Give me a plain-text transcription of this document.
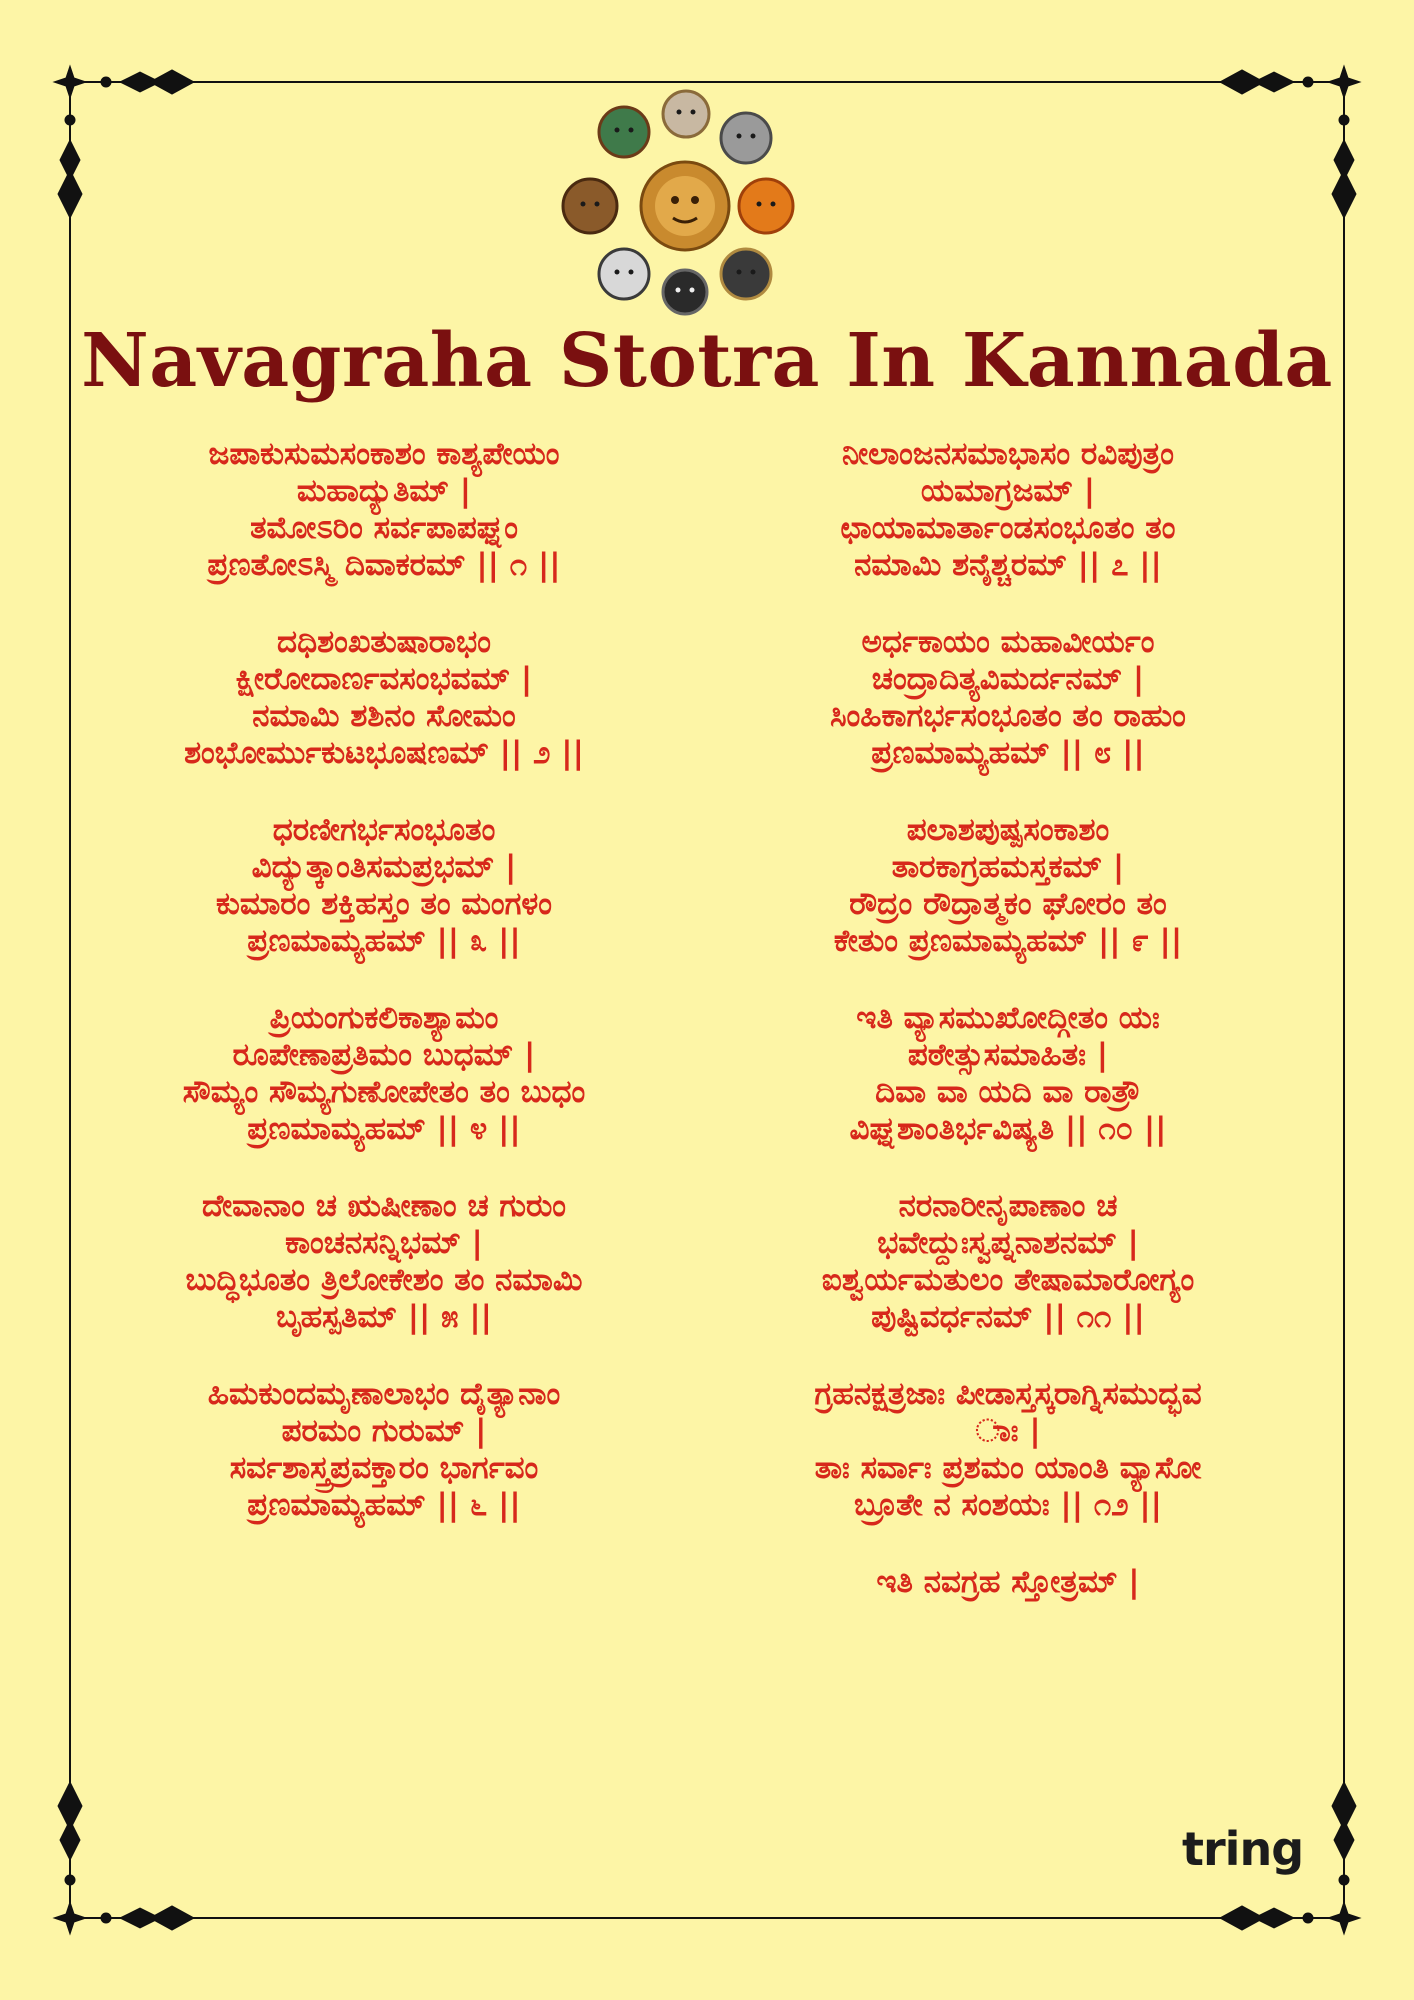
Navagraha Stotra In Kannada
ಜಪಾಕುಸುಮಸಂಕಾಶಂ ಕಾಶ್ಯಪೇಯಂ
ಮಹಾದ್ಯುತಿಮ್ |
ತಮೋಽರಿಂ ಸರ್ವಪಾಪಘ್ನಂ
ಪ್ರಣತೋಽಸ್ಮಿ ದಿವಾಕರಮ್ || ೧ ||
ದಧಿಶಂಖತುಷಾರಾಭಂ
ಕ್ಷೀರೋದಾರ್ಣವಸಂಭವಮ್ |
ನಮಾಮಿ ಶಶಿನಂ ಸೋಮಂ
ಶಂಭೋರ್ಮುಕುಟಭೂಷಣಮ್ || ೨ ||
ಧರಣೀಗರ್ಭಸಂಭೂತಂ
ವಿದ್ಯುತ್ಕಾಂತಿಸಮಪ್ರಭಮ್ |
ಕುಮಾರಂ ಶಕ್ತಿಹಸ್ತಂ ತಂ ಮಂಗಳಂ
ಪ್ರಣಮಾಮ್ಯಹಮ್ || ೩ ||
ಪ್ರಿಯಂಗುಕಲಿಕಾಶ್ಯಾಮಂ
ರೂಪೇಣಾಪ್ರತಿಮಂ ಬುಧಮ್ |
ಸೌಮ್ಯಂ ಸೌಮ್ಯಗುಣೋಪೇತಂ ತಂ ಬುಧಂ
ಪ್ರಣಮಾಮ್ಯಹಮ್ || ೪ ||
ದೇವಾನಾಂ ಚ ಋಷೀಣಾಂ ಚ ಗುರುಂ
ಕಾಂಚನಸನ್ನಿಭಮ್ |
ಬುದ್ಧಿಭೂತಂ ತ್ರಿಲೋಕೇಶಂ ತಂ ನಮಾಮಿ
ಬೃಹಸ್ಪತಿಮ್ || ೫ ||
ಹಿಮಕುಂದಮೃಣಾಲಾಭಂ ದೈತ್ಯಾನಾಂ
ಪರಮಂ ಗುರುಮ್ |
ಸರ್ವಶಾಸ್ತ್ರಪ್ರವಕ್ತಾರಂ ಭಾರ್ಗವಂ
ಪ್ರಣಮಾಮ್ಯಹಮ್ || ೬ ||
ನೀಲಾಂಜನಸಮಾಭಾಸಂ ರವಿಪುತ್ರಂ
ಯಮಾಗ್ರಜಮ್ |
ಛಾಯಾಮಾರ್ತಾಂಡಸಂಭೂತಂ ತಂ
ನಮಾಮಿ ಶನೈಶ್ಚರಮ್ || ೭ ||
ಅರ್ಧಕಾಯಂ ಮಹಾವೀರ್ಯಂ
ಚಂದ್ರಾದಿತ್ಯವಿಮರ್ದನಮ್ |
ಸಿಂಹಿಕಾಗರ್ಭಸಂಭೂತಂ ತಂ ರಾಹುಂ
ಪ್ರಣಮಾಮ್ಯಹಮ್ || ೮ ||
ಪಲಾಶಪುಷ್ಪಸಂಕಾಶಂ
ತಾರಕಾಗ್ರಹಮಸ್ತಕಮ್ |
ರೌದ್ರಂ ರೌದ್ರಾತ್ಮಕಂ ಘೋರಂ ತಂ
ಕೇತುಂ ಪ್ರಣಮಾಮ್ಯಹಮ್ || ೯ ||
ಇತಿ ವ್ಯಾಸಮುಖೋದ್ಗೀತಂ ಯಃ
ಪಠೇತ್ಸುಸಮಾಹಿತಃ |
ದಿವಾ ವಾ ಯದಿ ವಾ ರಾತ್ರೌ
ವಿಘ್ನಶಾಂತಿರ್ಭವಿಷ್ಯತಿ || ೧೦ ||
ನರನಾರೀನೃಪಾಣಾಂ ಚ
ಭವೇದ್ದುಃಸ್ವಪ್ನನಾಶನಮ್ |
ಐಶ್ವರ್ಯಮತುಲಂ ತೇಷಾಮಾರೋಗ್ಯಂ
ಪುಷ್ಟಿವರ್ಧನಮ್ || ೧೧ ||
ಗ್ರಹನಕ್ಷತ್ರಜಾಃ ಪೀಡಾಸ್ತಸ್ಕರಾಗ್ನಿಸಮುದ್ಭವ
ಾಃ |
ತಾಃ ಸರ್ವಾಃ ಪ್ರಶಮಂ ಯಾಂತಿ ವ್ಯಾಸೋ
ಬ್ರೂತೇ ನ ಸಂಶಯಃ || ೧೨ ||
ಇತಿ ನವಗ್ರಹ ಸ್ತೋತ್ರಮ್ |
tring
